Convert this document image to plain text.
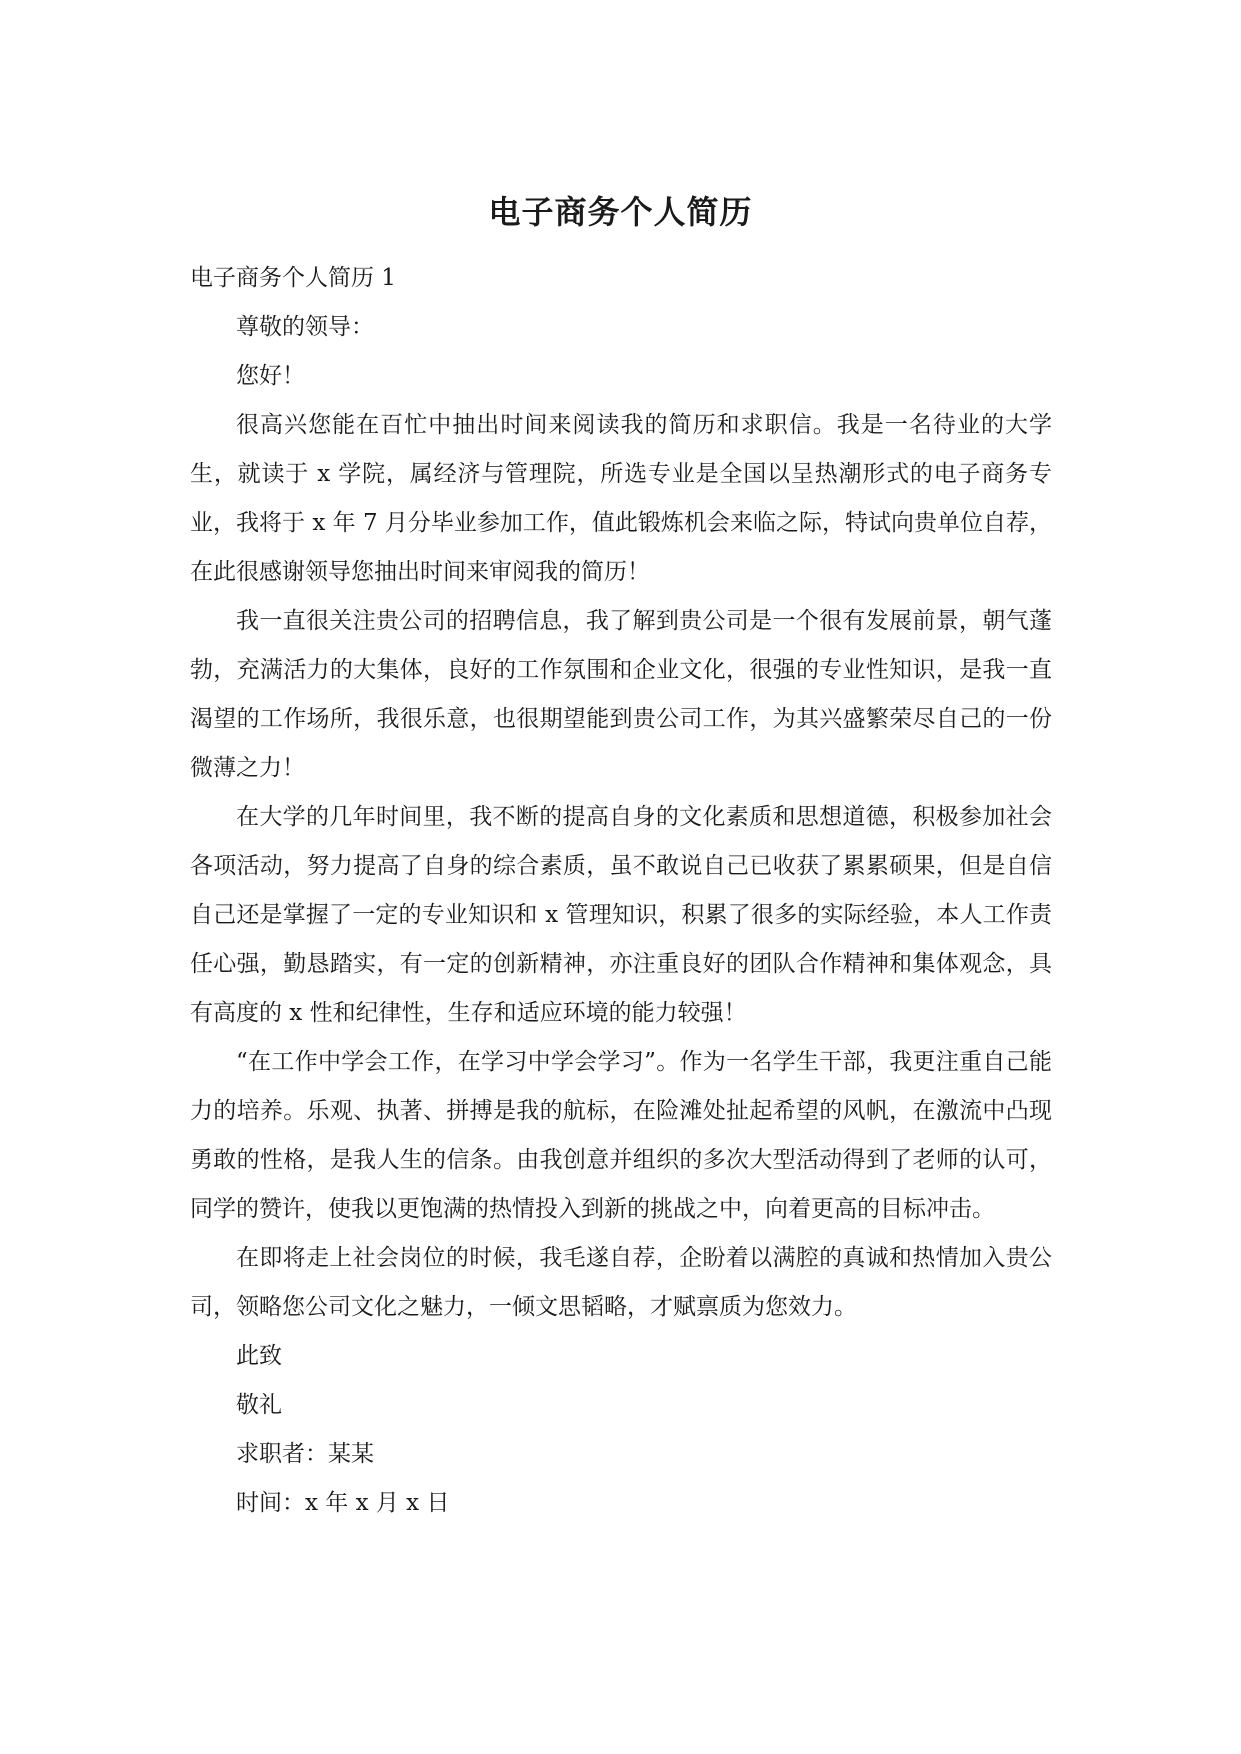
电子商务个人简历

电子商务个人简历 1

尊敬的领导：

您好！

很高兴您能在百忙中抽出时间来阅读我的简历和求职信。我是一名待业的大学生，就读于 x 学院，属经济与管理院，所选专业是全国以呈热潮形式的电子商务专业，我将于 x 年 7 月分毕业参加工作，值此锻炼机会来临之际，特试向贵单位自荐，在此很感谢领导您抽出时间来审阅我的简历！

我一直很关注贵公司的招聘信息，我了解到贵公司是一个很有发展前景，朝气蓬勃，充满活力的大集体，良好的工作氛围和企业文化，很强的专业性知识，是我一直渴望的工作场所，我很乐意，也很期望能到贵公司工作，为其兴盛繁荣尽自己的一份微薄之力！

在大学的几年时间里，我不断的提高自身的文化素质和思想道德，积极参加社会各项活动，努力提高了自身的综合素质，虽不敢说自己已收获了累累硕果，但是自信自己还是掌握了一定的专业知识和 x 管理知识，积累了很多的实际经验，本人工作责任心强，勤恳踏实，有一定的创新精神，亦注重良好的团队合作精神和集体观念，具有高度的 x 性和纪律性，生存和适应环境的能力较强！

“在工作中学会工作，在学习中学会学习”。作为一名学生干部，我更注重自己能力的培养。乐观、执著、拼搏是我的航标，在险滩处扯起希望的风帆，在激流中凸现勇敢的性格，是我人生的信条。由我创意并组织的多次大型活动得到了老师的认可，同学的赞许，使我以更饱满的热情投入到新的挑战之中，向着更高的目标冲击。

在即将走上社会岗位的时候，我毛遂自荐，企盼着以满腔的真诚和热情加入贵公司，领略您公司文化之魅力，一倾文思韬略，才赋禀质为您效力。

此致

敬礼

求职者：某某

时间：x 年 x 月 x 日
